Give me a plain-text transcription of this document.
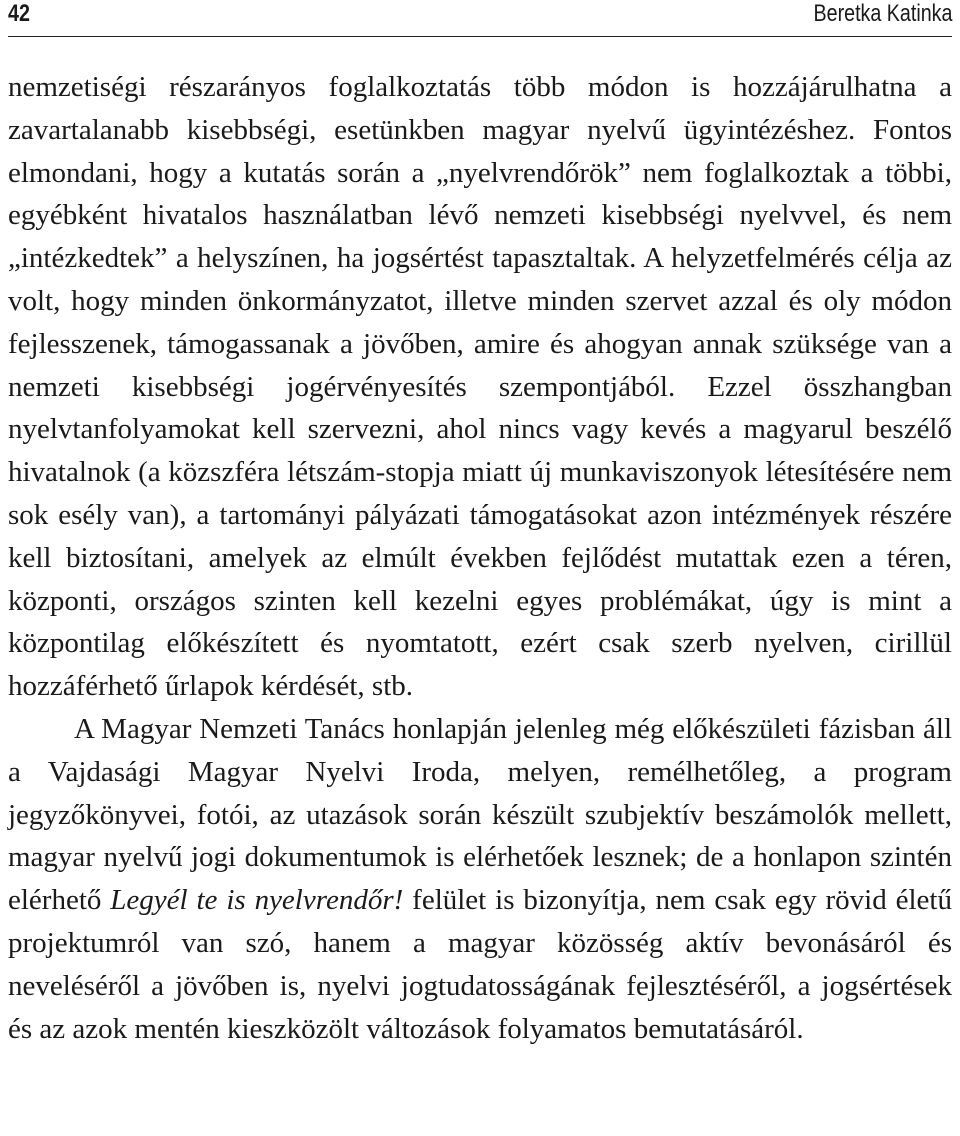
42	Beretka Katinka

nemzetiségi részarányos foglalkoztatás több módon is hozzájárulhatna a zavartalanabb kisebbségi, esetünkben magyar nyelvű ügyintézéshez. Fontos elmondani, hogy a kutatás során a „nyelvrendőrök” nem foglalkoztak a többi, egyébként hivatalos használatban lévő nemzeti kisebbségi nyelvvel, és nem „intézkedtek” a helyszínen, ha jogsértést tapasztaltak. A helyzetfelmérés célja az volt, hogy minden önkormányzatot, illetve minden szervet azzal és oly módon fejlesszenek, támogassanak a jövőben, amire és ahogyan annak szüksége van a nemzeti kisebbségi jogérvényesítés szempontjából. Ezzel összhangban nyelvtanfolyamokat kell szervezni, ahol nincs vagy kevés a magyarul beszélő hivatalnok (a közszféra létszám-stopja miatt új munkaviszonyok létesítésére nem sok esély van), a tartományi pályázati támogatásokat azon intézmények részére kell biztosítani, amelyek az elmúlt években fejlődést mutattak ezen a téren, központi, országos szinten kell kezelni egyes problémákat, úgy is mint a központilag előkészített és nyomtatott, ezért csak szerb nyelven, cirillül hozzáférhető űrlapok kérdését, stb.

A Magyar Nemzeti Tanács honlapján jelenleg még előkészületi fázisban áll a Vajdasági Magyar Nyelvi Iroda, melyen, remélhetőleg, a program jegyzőkönyvei, fotói, az utazások során készült szubjektív beszámolók mellett, magyar nyelvű jogi dokumentumok is elérhetőek lesznek; de a honlapon szintén elérhető Legyél te is nyelvrendőr! felület is bizonyítja, nem csak egy rövid életű projektumról van szó, hanem a magyar közösség aktív bevonásáról és neveléséről a jövőben is, nyelvi jogtudatosságának fejlesztéséről, a jogsértések és az azok mentén kieszközölt változások folyamatos bemutatásáról.
